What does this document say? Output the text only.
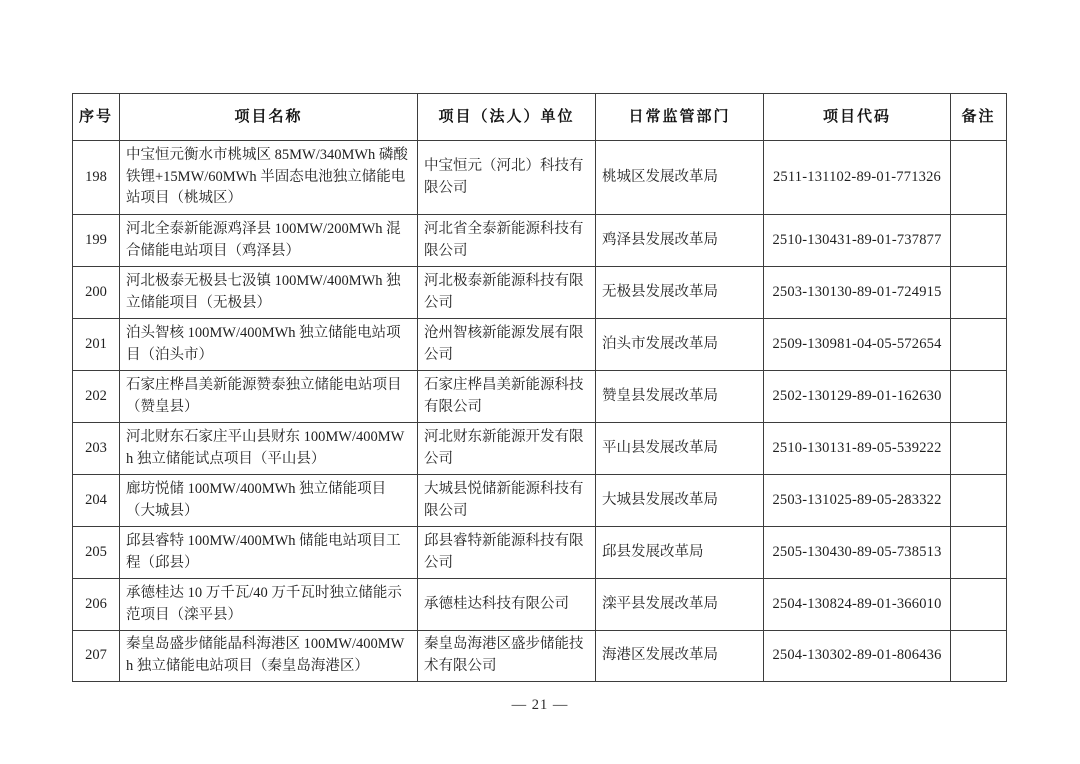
序号	项目名称	项目（法人）单位	日常监管部门	项目代码	备注
198	中宝恒元衡水市桃城区 85MW/340MWh 磷酸铁锂+15MW/60MWh 半固态电池独立储能电站项目（桃城区）	中宝恒元（河北）科技有限公司	桃城区发展改革局	2511-131102-89-01-771326	
199	河北全泰新能源鸡泽县 100MW/200MWh 混合储能电站项目（鸡泽县）	河北省全泰新能源科技有限公司	鸡泽县发展改革局	2510-130431-89-01-737877	
200	河北极泰无极县七汲镇 100MW/400MWh 独立储能项目（无极县）	河北极泰新能源科技有限公司	无极县发展改革局	2503-130130-89-01-724915	
201	泊头智核 100MW/400MWh 独立储能电站项目（泊头市）	沧州智核新能源发展有限公司	泊头市发展改革局	2509-130981-04-05-572654	
202	石家庄桦昌美新能源赞泰独立储能电站项目（赞皇县）	石家庄桦昌美新能源科技有限公司	赞皇县发展改革局	2502-130129-89-01-162630	
203	河北财东石家庄平山县财东 100MW/400MWh 独立储能试点项目（平山县）	河北财东新能源开发有限公司	平山县发展改革局	2510-130131-89-05-539222	
204	廊坊悦储 100MW/400MWh 独立储能项目（大城县）	大城县悦储新能源科技有限公司	大城县发展改革局	2503-131025-89-05-283322	
205	邱县睿特 100MW/400MWh 储能电站项目工程（邱县）	邱县睿特新能源科技有限公司	邱县发展改革局	2505-130430-89-05-738513	
206	承德桂达 10 万千瓦/40 万千瓦时独立储能示范项目（滦平县）	承德桂达科技有限公司	滦平县发展改革局	2504-130824-89-01-366010	
207	秦皇岛盛步储能晶科海港区 100MW/400MWh 独立储能电站项目（秦皇岛海港区）	秦皇岛海港区盛步储能技术有限公司	海港区发展改革局	2504-130302-89-01-806436	
— 21 —
